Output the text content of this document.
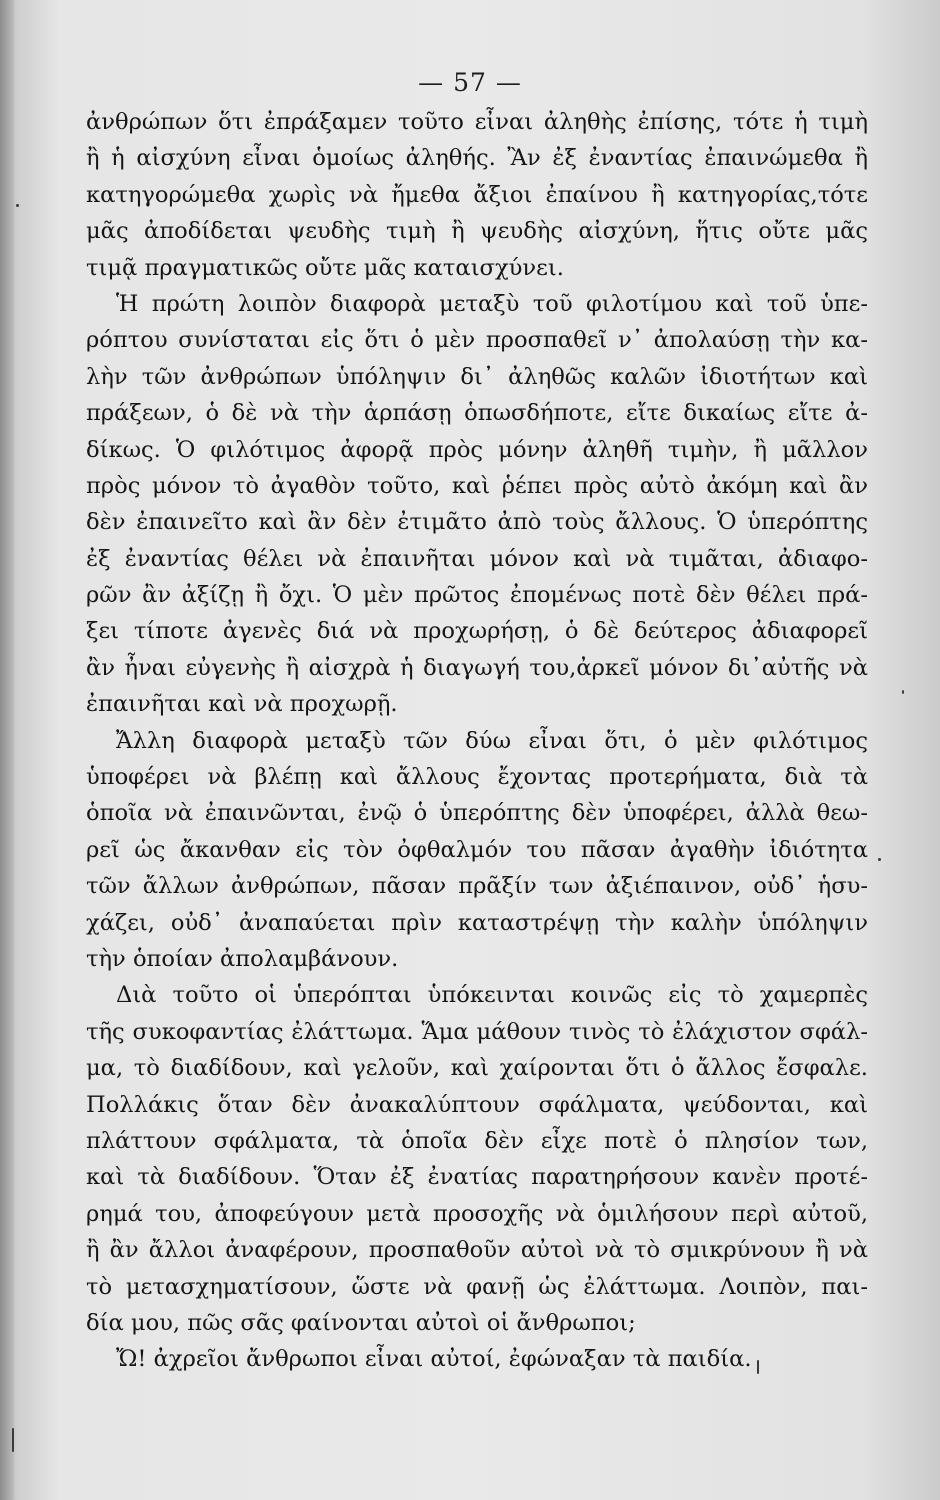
— 57 —
ἀνθρώπων ὅτι ἐπράξαμεν τοῦτο εἶναι ἀληθὴς ἐπίσης, τότε ἡ τιμὴ
ἢ ἡ αἰσχύνη εἶναι ὁμοίως ἀληθής. Ἂν ἐξ ἐναντίας ἐπαινώμεθα ἢ
κατηγορώμεθα χωρὶς νὰ ἤμεθα ἄξιοι ἐπαίνου ἢ κατηγορίας,τότε
μᾶς ἀποδίδεται ψευδὴς τιμὴ ἢ ψευδὴς αἰσχύνη, ἥτις οὔτε μᾶς
τιμᾷ πραγματικῶς οὔτε μᾶς καταισχύνει.
Ἡ πρώτη λοιπὸν διαφορὰ μεταξὺ τοῦ φιλοτίμου καὶ τοῦ ὑπε-
ρόπτου συνίσταται εἰς ὅτι ὁ μὲν προσπαθεῖ ν᾽ ἀπολαύσῃ τὴν κα-
λὴν τῶν ἀνθρώπων ὑπόληψιν δι᾽ ἀληθῶς καλῶν ἰδιοτήτων καὶ
πράξεων, ὁ δὲ νὰ τὴν ἁρπάσῃ ὁπωσδήποτε, εἴτε δικαίως εἴτε ἀ-
δίκως. Ὁ φιλότιμος ἀφορᾷ πρὸς μόνην ἀληθῆ τιμὴν, ἢ μᾶλλον
πρὸς μόνον τὸ ἀγαθὸν τοῦτο, καὶ ῥέπει πρὸς αὐτὸ ἀκόμη καὶ ἂν
δὲν ἐπαινεῖτο καὶ ἂν δὲν ἐτιμᾶτο ἀπὸ τοὺς ἄλλους. Ὁ ὑπερόπτης
ἐξ ἐναντίας θέλει νὰ ἐπαινῆται μόνον καὶ νὰ τιμᾶται, ἀδιαφο-
ρῶν ἂν ἀξίζῃ ἢ ὄχι. Ὁ μὲν πρῶτος ἐπομένως ποτὲ δὲν θέλει πρά-
ξει τίποτε ἀγενὲς διά νὰ προχωρήσῃ, ὁ δὲ δεύτερος ἀδιαφορεῖ
ἂν ἦναι εὐγενὴς ἢ αἰσχρὰ ἡ διαγωγή του,ἀρκεῖ μόνον δι᾽αὐτῆς νὰ
ἐπαινῆται καὶ νὰ προχωρῇ.
Ἄλλη διαφορὰ μεταξὺ τῶν δύω εἶναι ὅτι, ὁ μὲν φιλότιμος
ὑποφέρει νὰ βλέπῃ καὶ ἄλλους ἔχοντας προτερήματα, διὰ τὰ
ὁποῖα νὰ ἐπαινῶνται, ἐνῷ ὁ ὑπερόπτης δὲν ὑποφέρει, ἀλλὰ θεω-
ρεῖ ὡς ἄκανθαν εἰς τὸν ὀφθαλμόν του πᾶσαν ἀγαθὴν ἰδιότητα
τῶν ἄλλων ἀνθρώπων, πᾶσαν πρᾶξίν των ἀξιέπαινον, οὐδ᾽ ἡσυ-
χάζει, οὐδ᾽ ἀναπαύεται πρὶν καταστρέψῃ τὴν καλὴν ὑπόληψιν
τὴν ὁποίαν ἀπολαμβάνουν.
Διὰ τοῦτο οἱ ὑπερόπται ὑπόκεινται κοινῶς εἰς τὸ χαμερπὲς
τῆς συκοφαντίας ἐλάττωμα. Ἅμα μάθουν τινὸς τὸ ἐλάχιστον σφάλ-
μα, τὸ διαδίδουν, καὶ γελοῦν, καὶ χαίρονται ὅτι ὁ ἄλλος ἔσφαλε.
Πολλάκις ὅταν δὲν ἀνακαλύπτουν σφάλματα, ψεύδονται, καὶ
πλάττουν σφάλματα, τὰ ὁποῖα δὲν εἶχε ποτὲ ὁ πλησίον των,
καὶ τὰ διαδίδουν. Ὅταν ἐξ ἐνατίας παρατηρήσουν κανὲν προτέ-
ρημά του, ἀποφεύγουν μετὰ προσοχῆς νὰ ὁμιλήσουν περὶ αὐτοῦ,
ἢ ἂν ἄλλοι ἀναφέρουν, προσπαθοῦν αὐτοὶ νὰ τὸ σμικρύνουν ἢ νὰ
τὸ μετασχηματίσουν, ὥστε νὰ φανῇ ὡς ἐλάττωμα. Λοιπὸν, παι-
δία μου, πῶς σᾶς φαίνονται αὐτοὶ οἱ ἄνθρωποι;
Ὤ! ἀχρεῖοι ἄνθρωποι εἶναι αὐτοί, ἐφώναξαν τὰ παιδία.
